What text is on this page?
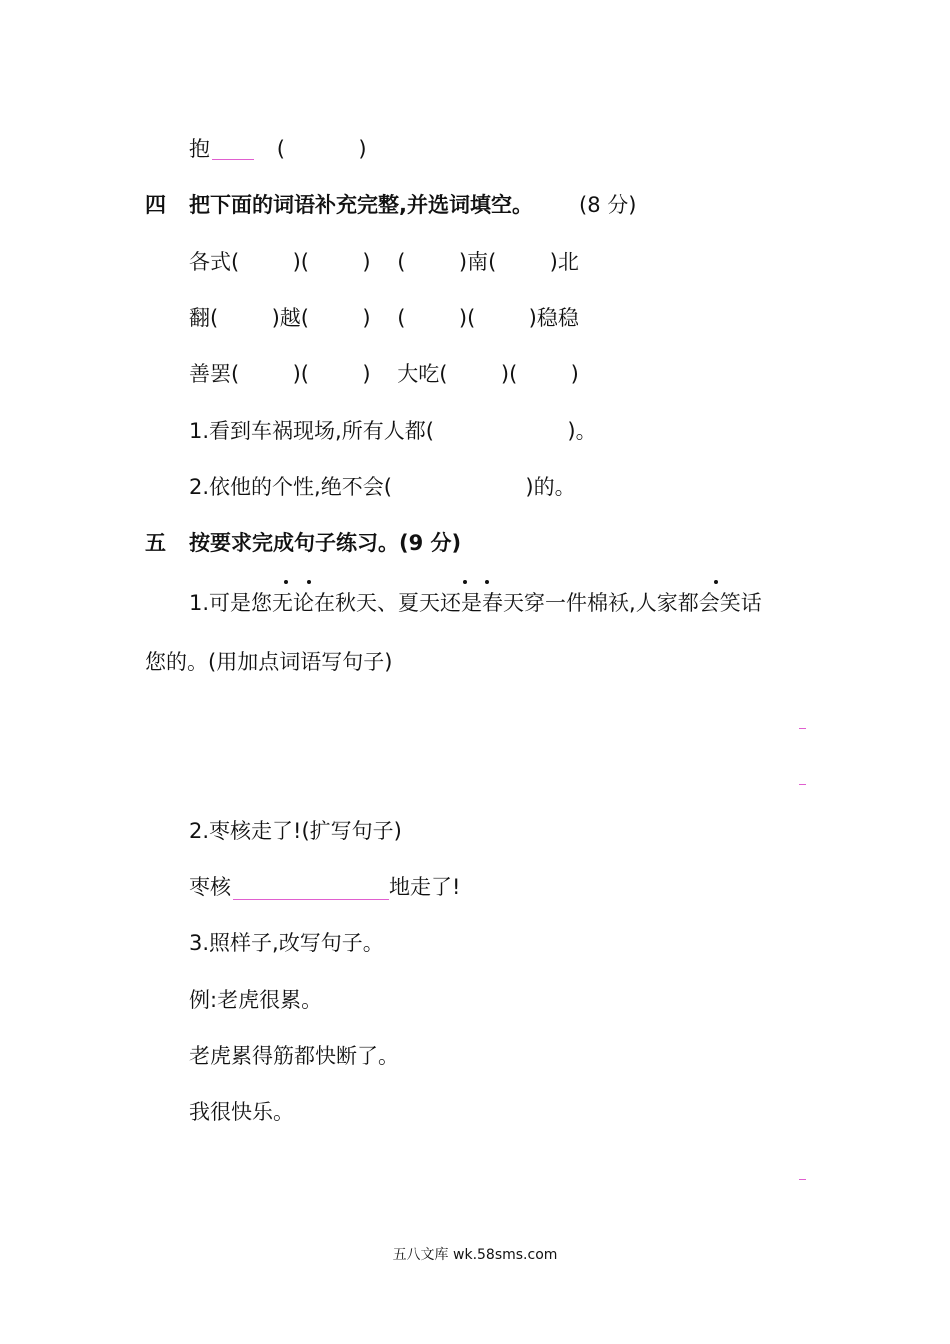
抱          (           )
四 把下面的词语补充完整,并选词填空。 (8 分)
各式(        )(        )    (        )南(        )北
翻(        )越(        )    (        )(        )稳稳
善罢(        )(        )    大吃(        )(        )
1.看到车祸现场,所有人都(                    )。
2.依他的个性,绝不会(                    )的。
五 按要求完成句子练习。(9 分)
1.可是您无论在秋天、夏天还是春天穿一件棉袄,人家都会笑话
您的。(用加点词语写句子)
2.枣核走了!(扩写句子)
枣核	地走了!
3.照样子,改写句子。
例:老虎很累。
老虎累得筋都快断了。
我很快乐。
五八文库 wk.58sms.com
